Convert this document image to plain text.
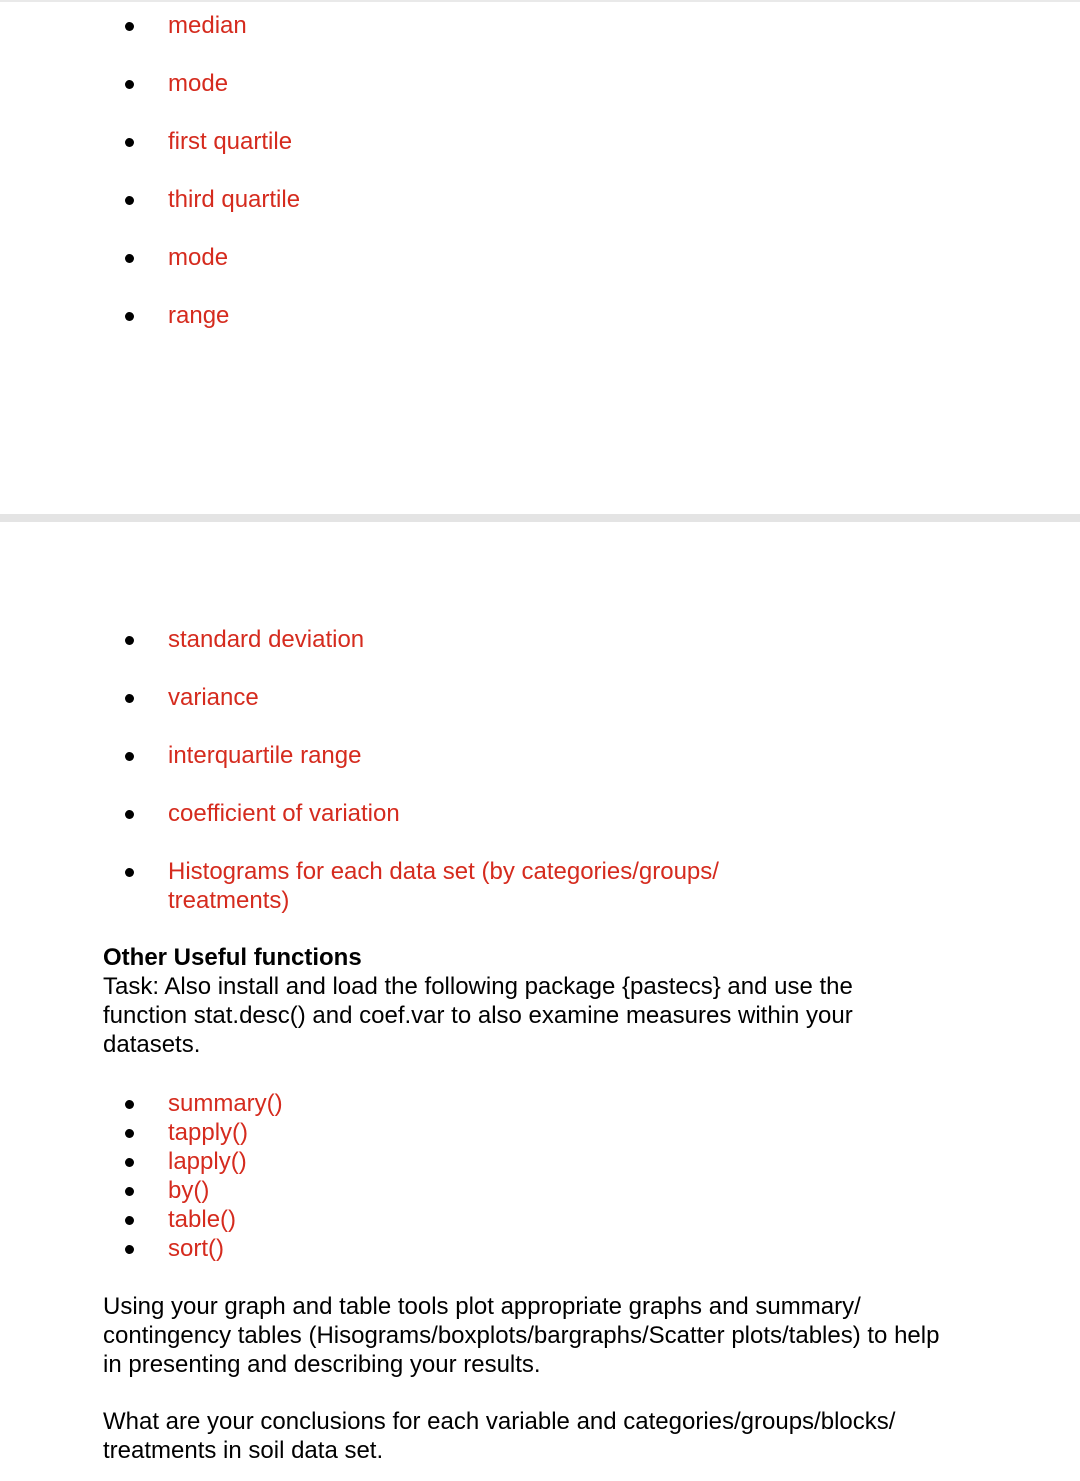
median
mode
first quartile
third quartile
mode
range
standard deviation
variance
interquartile range
coefficient of variation
Histograms for each data set (by categories/groups/ treatments)
Other Useful functions
Task: Also install and load the following package {pastecs} and use the function stat.desc() and coef.var to also examine measures within your datasets.
summary()
tapply()
lapply()
by()
table()
sort()
Using your graph and table tools plot appropriate graphs and summary/ contingency tables (Hisograms/boxplots/bargraphs/Scatter plots/tables) to help in presenting and describing your results.
What are your conclusions for each variable and categories/groups/blocks/ treatments in soil data set.
